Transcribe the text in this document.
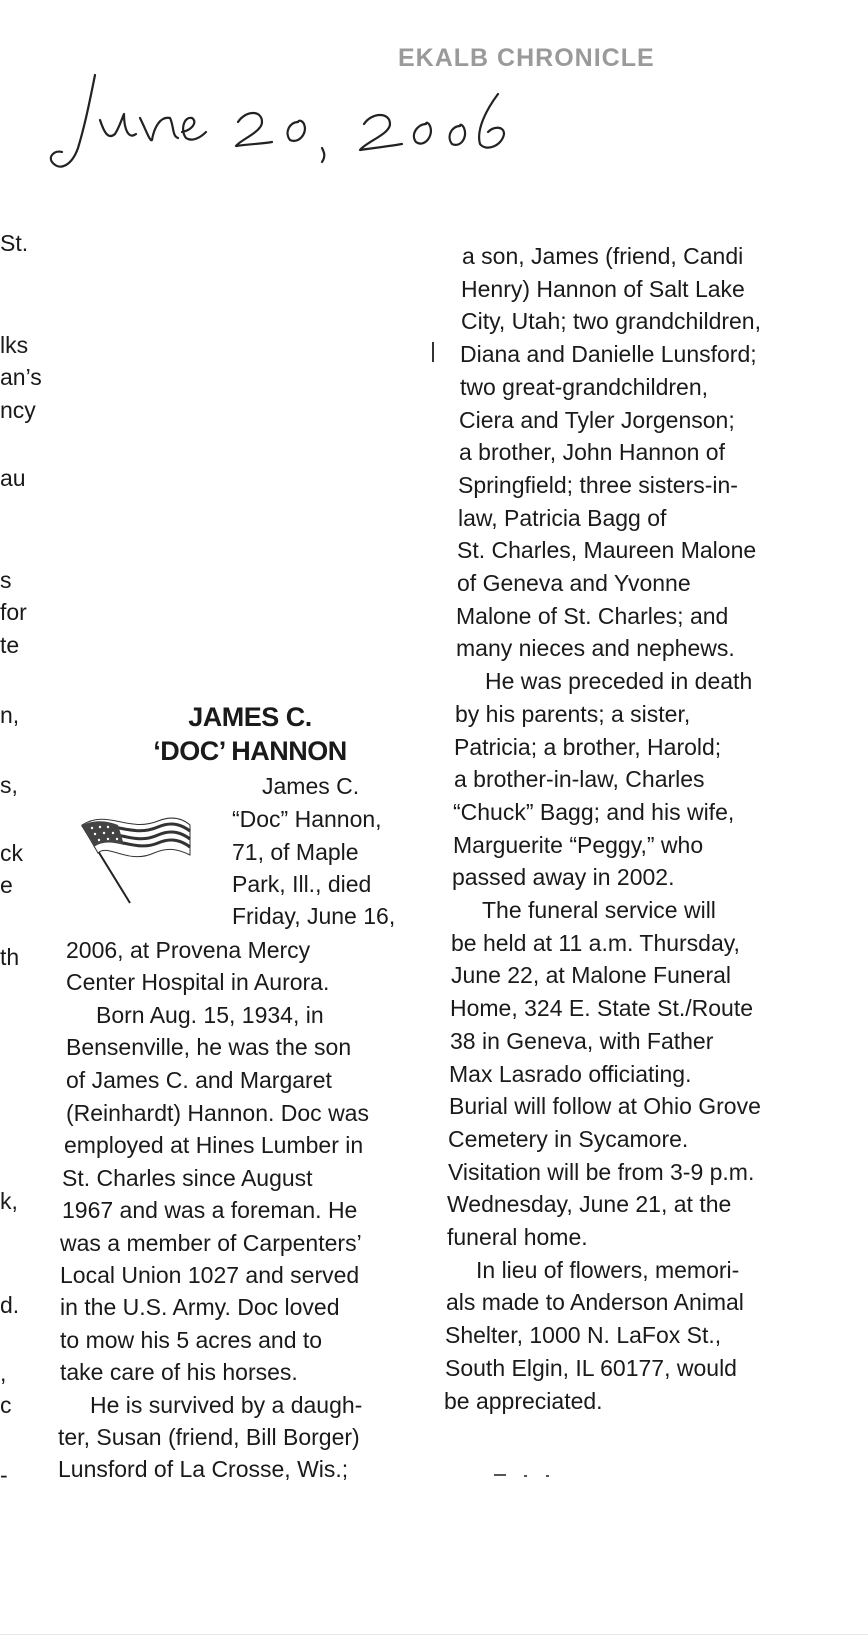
EKALB CHRONICLE
St.
lks
an’s
ncy
au
s
for
te
n,
s,
ck
e
th
k,
d.
,
c
-
JAMES C.
‘DOC’ HANNON
James C.
“Doc” Hannon,
71, of Maple
Park, Ill., died
Friday, June 16,
2006, at Provena Mercy
Center Hospital in Aurora.
Born Aug. 15, 1934, in
Bensenville, he was the son
of James C. and Margaret
(Reinhardt) Hannon. Doc was
employed at Hines Lumber in
St. Charles since August
1967 and was a foreman. He
was a member of Carpenters’
Local Union 1027 and served
in the U.S. Army. Doc loved
to mow his 5 acres and to
take care of his horses.
He is survived by a daugh-
ter, Susan (friend, Bill Borger)
Lunsford of La Crosse, Wis.;
a son, James (friend, Candi
Henry) Hannon of Salt Lake
City, Utah; two grandchildren,
Diana and Danielle Lunsford;
two great-grandchildren,
Ciera and Tyler Jorgenson;
a brother, John Hannon of
Springfield; three sisters-in-
law, Patricia Bagg of
St. Charles, Maureen Malone
of Geneva and Yvonne
Malone of St. Charles; and
many nieces and nephews.
He was preceded in death
by his parents; a sister,
Patricia; a brother, Harold;
a brother-in-law, Charles
“Chuck” Bagg; and his wife,
Marguerite “Peggy,” who
passed away in 2002.
The funeral service will
be held at 11 a.m. Thursday,
June 22, at Malone Funeral
Home, 324 E. State St./Route
38 in Geneva, with Father
Max Lasrado officiating.
Burial will follow at Ohio Grove
Cemetery in Sycamore.
Visitation will be from 3-9 p.m.
Wednesday, June 21, at the
funeral home.
In lieu of flowers, memori-
als made to Anderson Animal
Shelter, 1000 N. LaFox St.,
South Elgin, IL 60177, would
be appreciated.
